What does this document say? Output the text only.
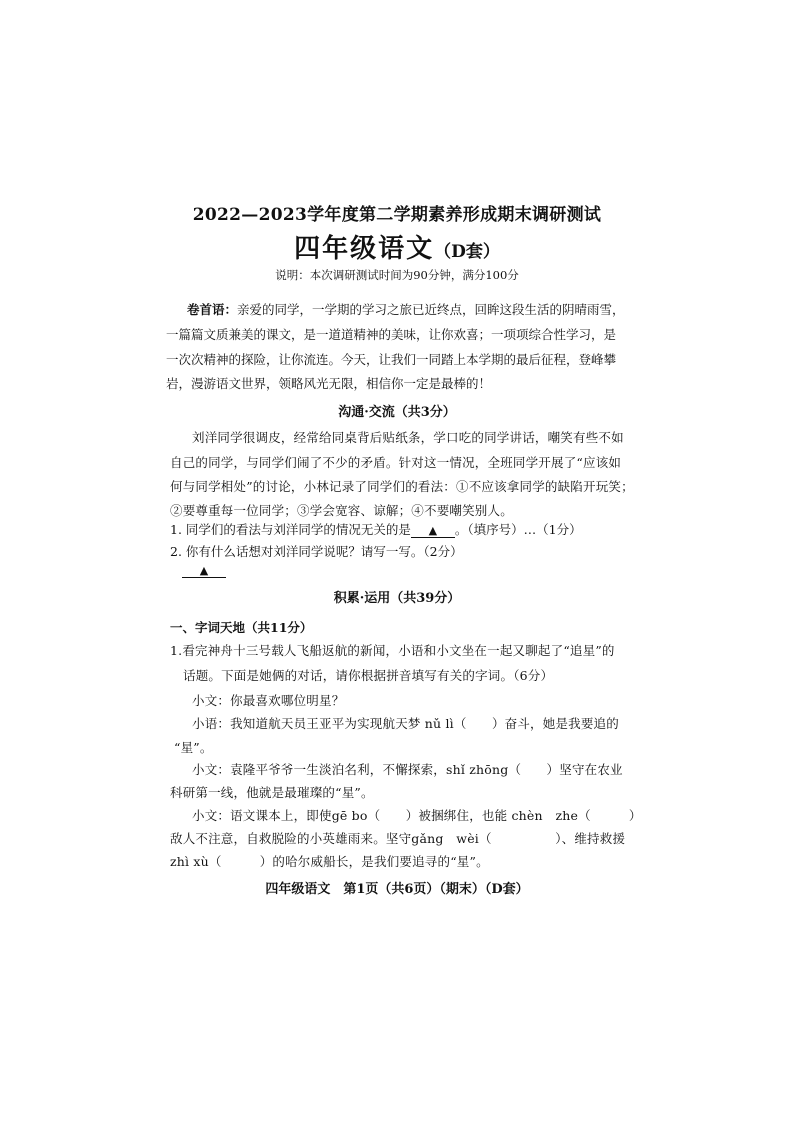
2022—2023学年度第二学期素养形成期末调研测试
四年级语文（D套）
说明：本次调研测试时间为90分钟，满分100分
卷首语：亲爱的同学，一学期的学习之旅已近终点，回眸这段生活的阴晴雨雪，
一篇篇文质兼美的课文，是一道道精神的美味，让你欢喜；一项项综合性学习，是
一次次精神的探险，让你流连。今天，让我们一同踏上本学期的最后征程，登峰攀
岩，漫游语文世界，领略风光无限，相信你一定是最棒的！
沟通·交流（共3分）
刘洋同学很调皮，经常给同桌背后贴纸条，学口吃的同学讲话，嘲笑有些不如
自己的同学，与同学们闹了不少的矛盾。针对这一情况，全班同学开展了“应该如
何与同学相处”的讨论，小林记录了同学们的看法：①不应该拿同学的缺陷开玩笑；
②要尊重每一位同学；③学会宽容、谅解；④不要嘲笑别人。
1. 同学们的看法与刘洋同学的情况无关的是 ▲ 。（填序号）…（1分）
2. 你有什么话想对刘洋同学说呢？请写一写。（2分）
▲
积累·运用（共39分）
一、字词天地（共11分）
1.看完神舟十三号载人飞船返航的新闻，小语和小文坐在一起又聊起了“追星”的
话题。下面是她俩的对话，请你根据拼音填写有关的字词。（6分）
小文：你最喜欢哪位明星？
小语：我知道航天员王亚平为实现航天梦 nǔ lì（　　）奋斗，她是我要追的
“星”。
小文：袁隆平爷爷一生淡泊名利，不懈探索，shǐ zhōng（　　）坚守在农业
科研第一线，他就是最璀璨的“星”。
小文：语文课本上，即使gē bo（　　）被捆绑住，也能 chèn　zhe（　　　）
敌人不注意，自救脱险的小英雄雨来。坚守gǎng　wèi（　　　　　）、维持救援
zhì xù（　　　）的哈尔威船长，是我们要追寻的“星”。
四年级语文　第1页（共6页）（期末）（D套）
